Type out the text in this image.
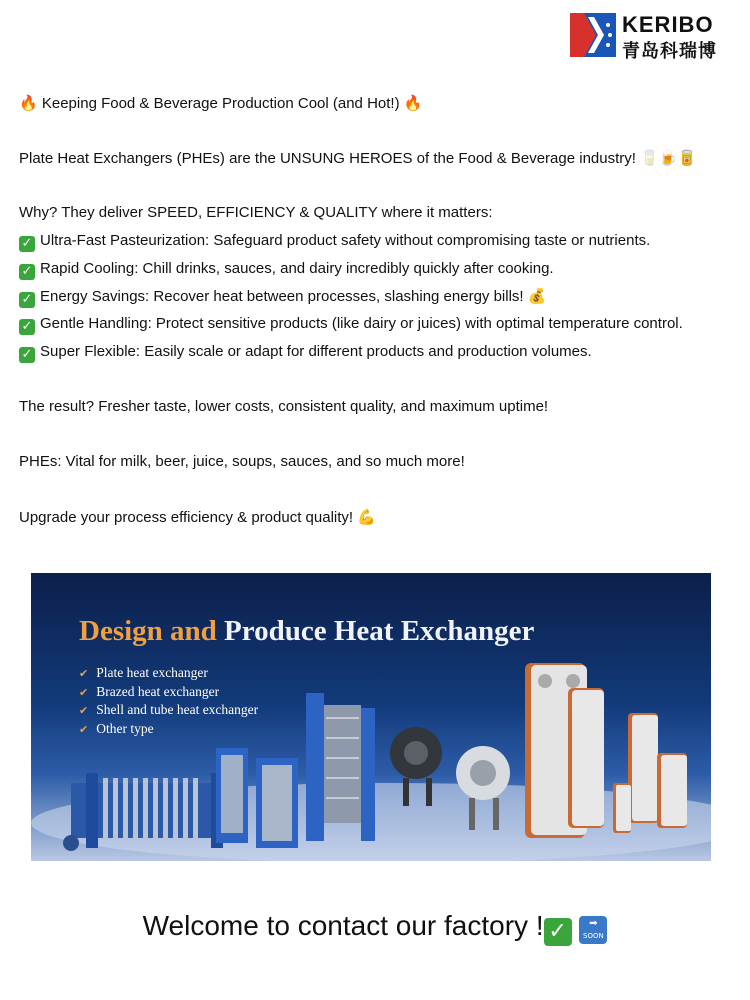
KERIBO
青岛科瑞博
🔥 Keeping Food & Beverage Production Cool (and Hot!) 🔥
Plate Heat Exchangers (PHEs) are the UNSUNG HEROES of the Food & Beverage industry! 🥛🍺🥫
Why? They deliver SPEED, EFFICIENCY & QUALITY where it matters:
✓ Ultra-Fast Pasteurization: Safeguard product safety without compromising taste or nutrients.
✓ Rapid Cooling: Chill drinks, sauces, and dairy incredibly quickly after cooking.
✓ Energy Savings: Recover heat between processes, slashing energy bills! 💰
✓ Gentle Handling: Protect sensitive products (like dairy or juices) with optimal temperature control.
✓ Super Flexible: Easily scale or adapt for different products and production volumes.
The result? Fresher taste, lower costs, consistent quality, and maximum uptime!
PHEs: Vital for milk, beer, juice, soups, sauces, and so much more!
Upgrade your process efficiency & product quality! 💪
Design and Produce Heat Exchanger
✔ Plate heat exchanger
✔ Brazed heat exchanger
✔ Shell and tube heat exchanger
✔ Other type
Welcome to contact our factory ! ✓ ➡
SOON
